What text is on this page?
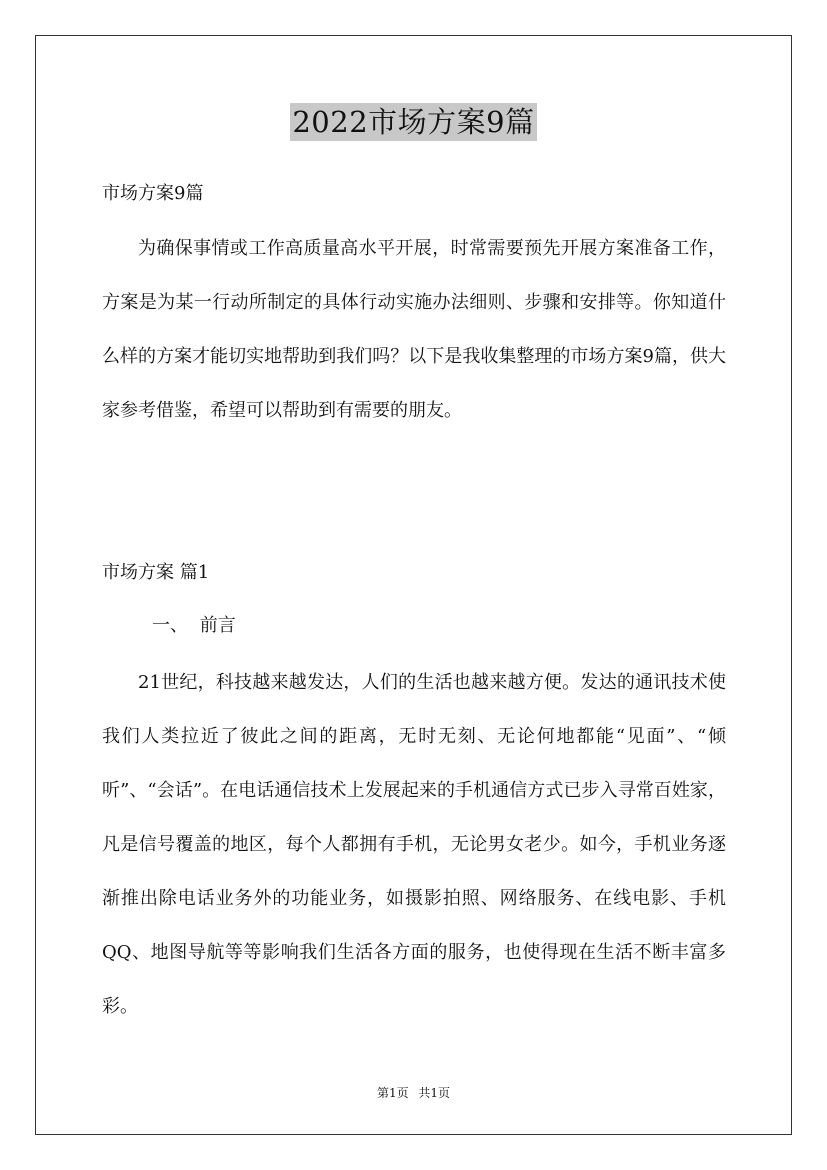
2022市场方案9篇
市场方案9篇

为确保事情或工作高质量高水平开展，时常需要预先开展方案准备工作，方案是为某一行动所制定的具体行动实施办法细则、步骤和安排等。你知道什么样的方案才能切实地帮助到我们吗？以下是我收集整理的市场方案9篇，供大家参考借鉴，希望可以帮助到有需要的朋友。

市场方案 篇1
一、 前言

21世纪，科技越来越发达，人们的生活也越来越方便。发达的通讯技术使我们人类拉近了彼此之间的距离，无时无刻、无论何地都能“见面”、“倾听”、“会话”。在电话通信技术上发展起来的手机通信方式已步入寻常百姓家，凡是信号覆盖的地区，每个人都拥有手机，无论男女老少。如今，手机业务逐渐推出除电话业务外的功能业务，如摄影拍照、网络服务、在线电影、手机QQ、地图导航等等影响我们生活各方面的服务，也使得现在生活不断丰富多彩。

第1页 共1页
